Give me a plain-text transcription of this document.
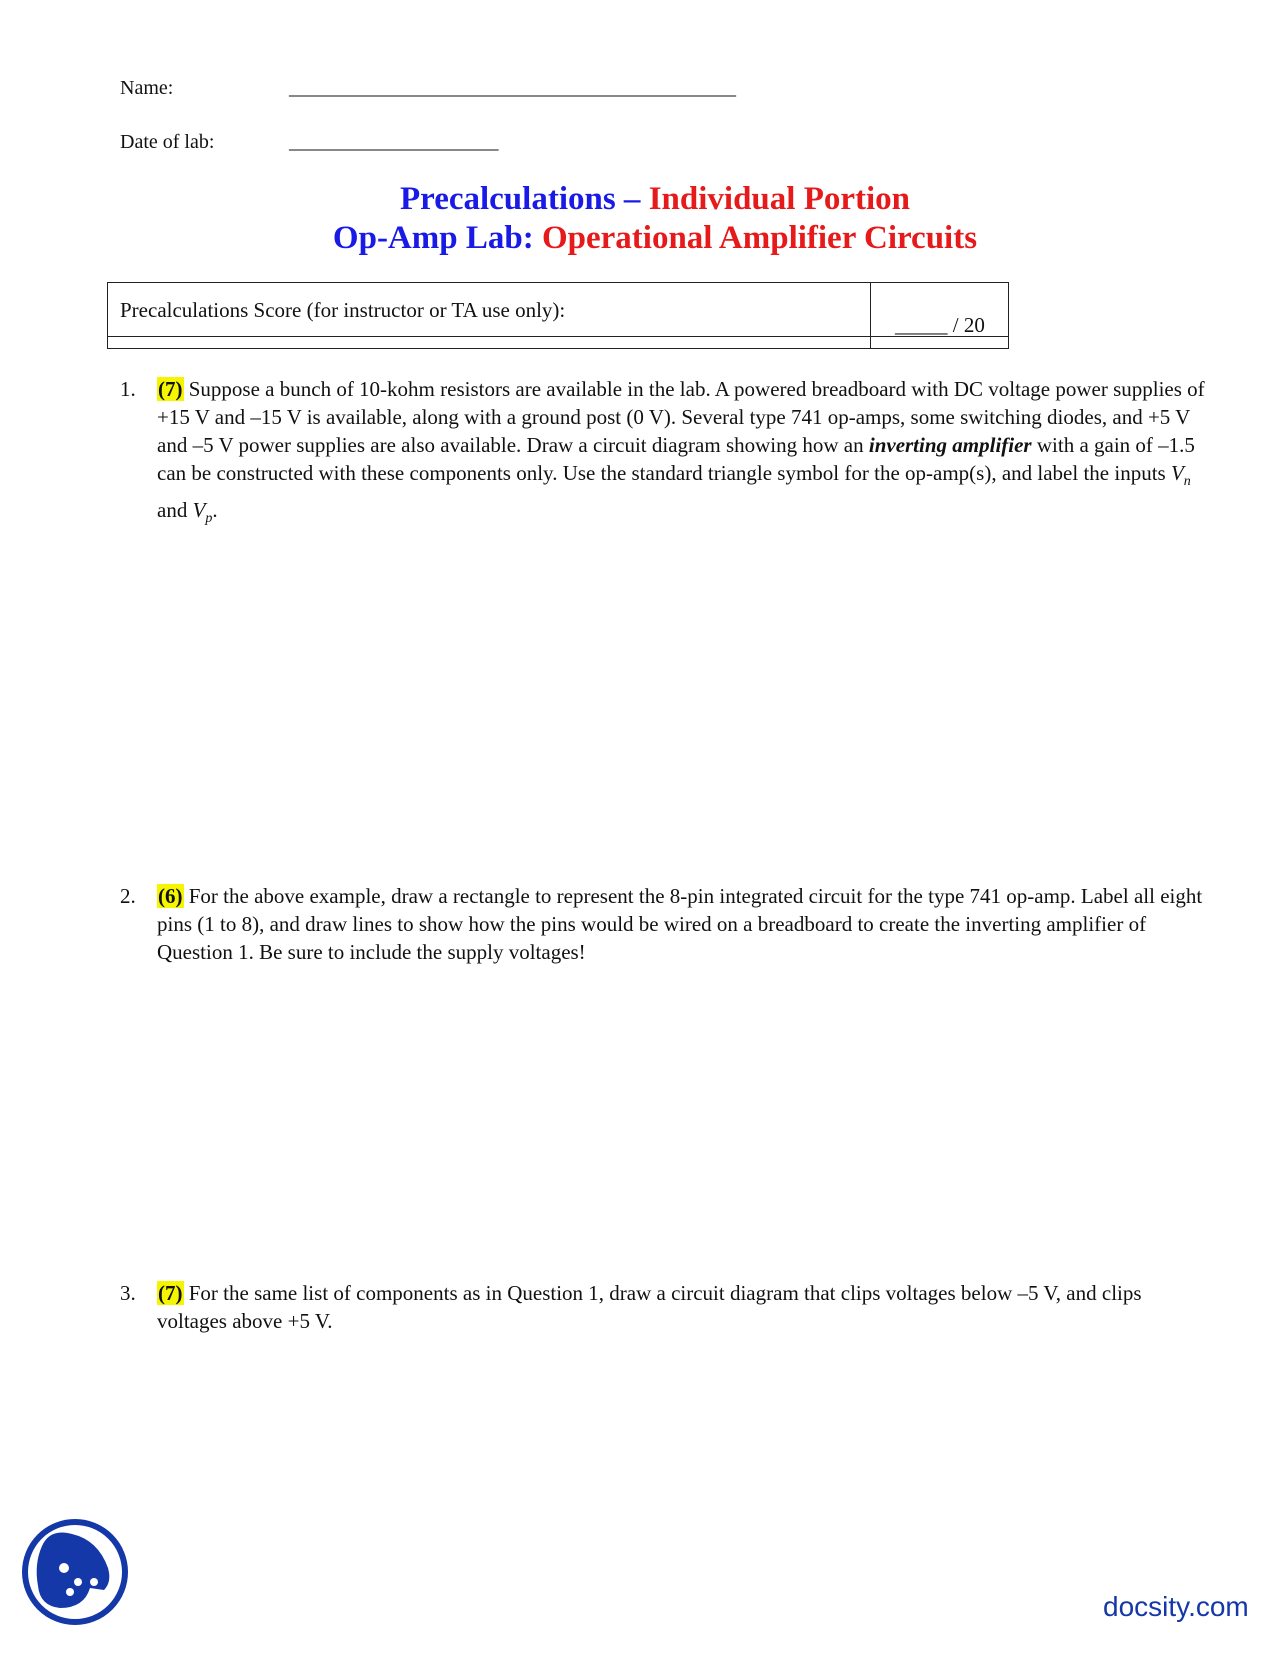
Name:	_______________________________________________
Date of lab:	______________________
Precalculations – Individual Portion
Op-Amp Lab: Operational Amplifier Circuits
Precalculations Score (for instructor or TA use only):
_____ / 20
1. (7) Suppose a bunch of 10-kohm resistors are available in the lab. A powered breadboard with DC voltage power supplies of +15 V and –15 V is available, along with a ground post (0 V). Several type 741 op-amps, some switching diodes, and +5 V and –5 V power supplies are also available. Draw a circuit diagram showing how an inverting amplifier with a gain of –1.5 can be constructed with these components only. Use the standard triangle symbol for the op-amp(s), and label the inputs $V_n$ and $V_p$.
2. (6) For the above example, draw a rectangle to represent the 8-pin integrated circuit for the type 741 op-amp. Label all eight pins (1 to 8), and draw lines to show how the pins would be wired on a breadboard to create the inverting amplifier of Question 1. Be sure to include the supply voltages!
3. (7) For the same list of components as in Question 1, draw a circuit diagram that clips voltages below –5 V, and clips voltages above +5 V.
docsity.com
